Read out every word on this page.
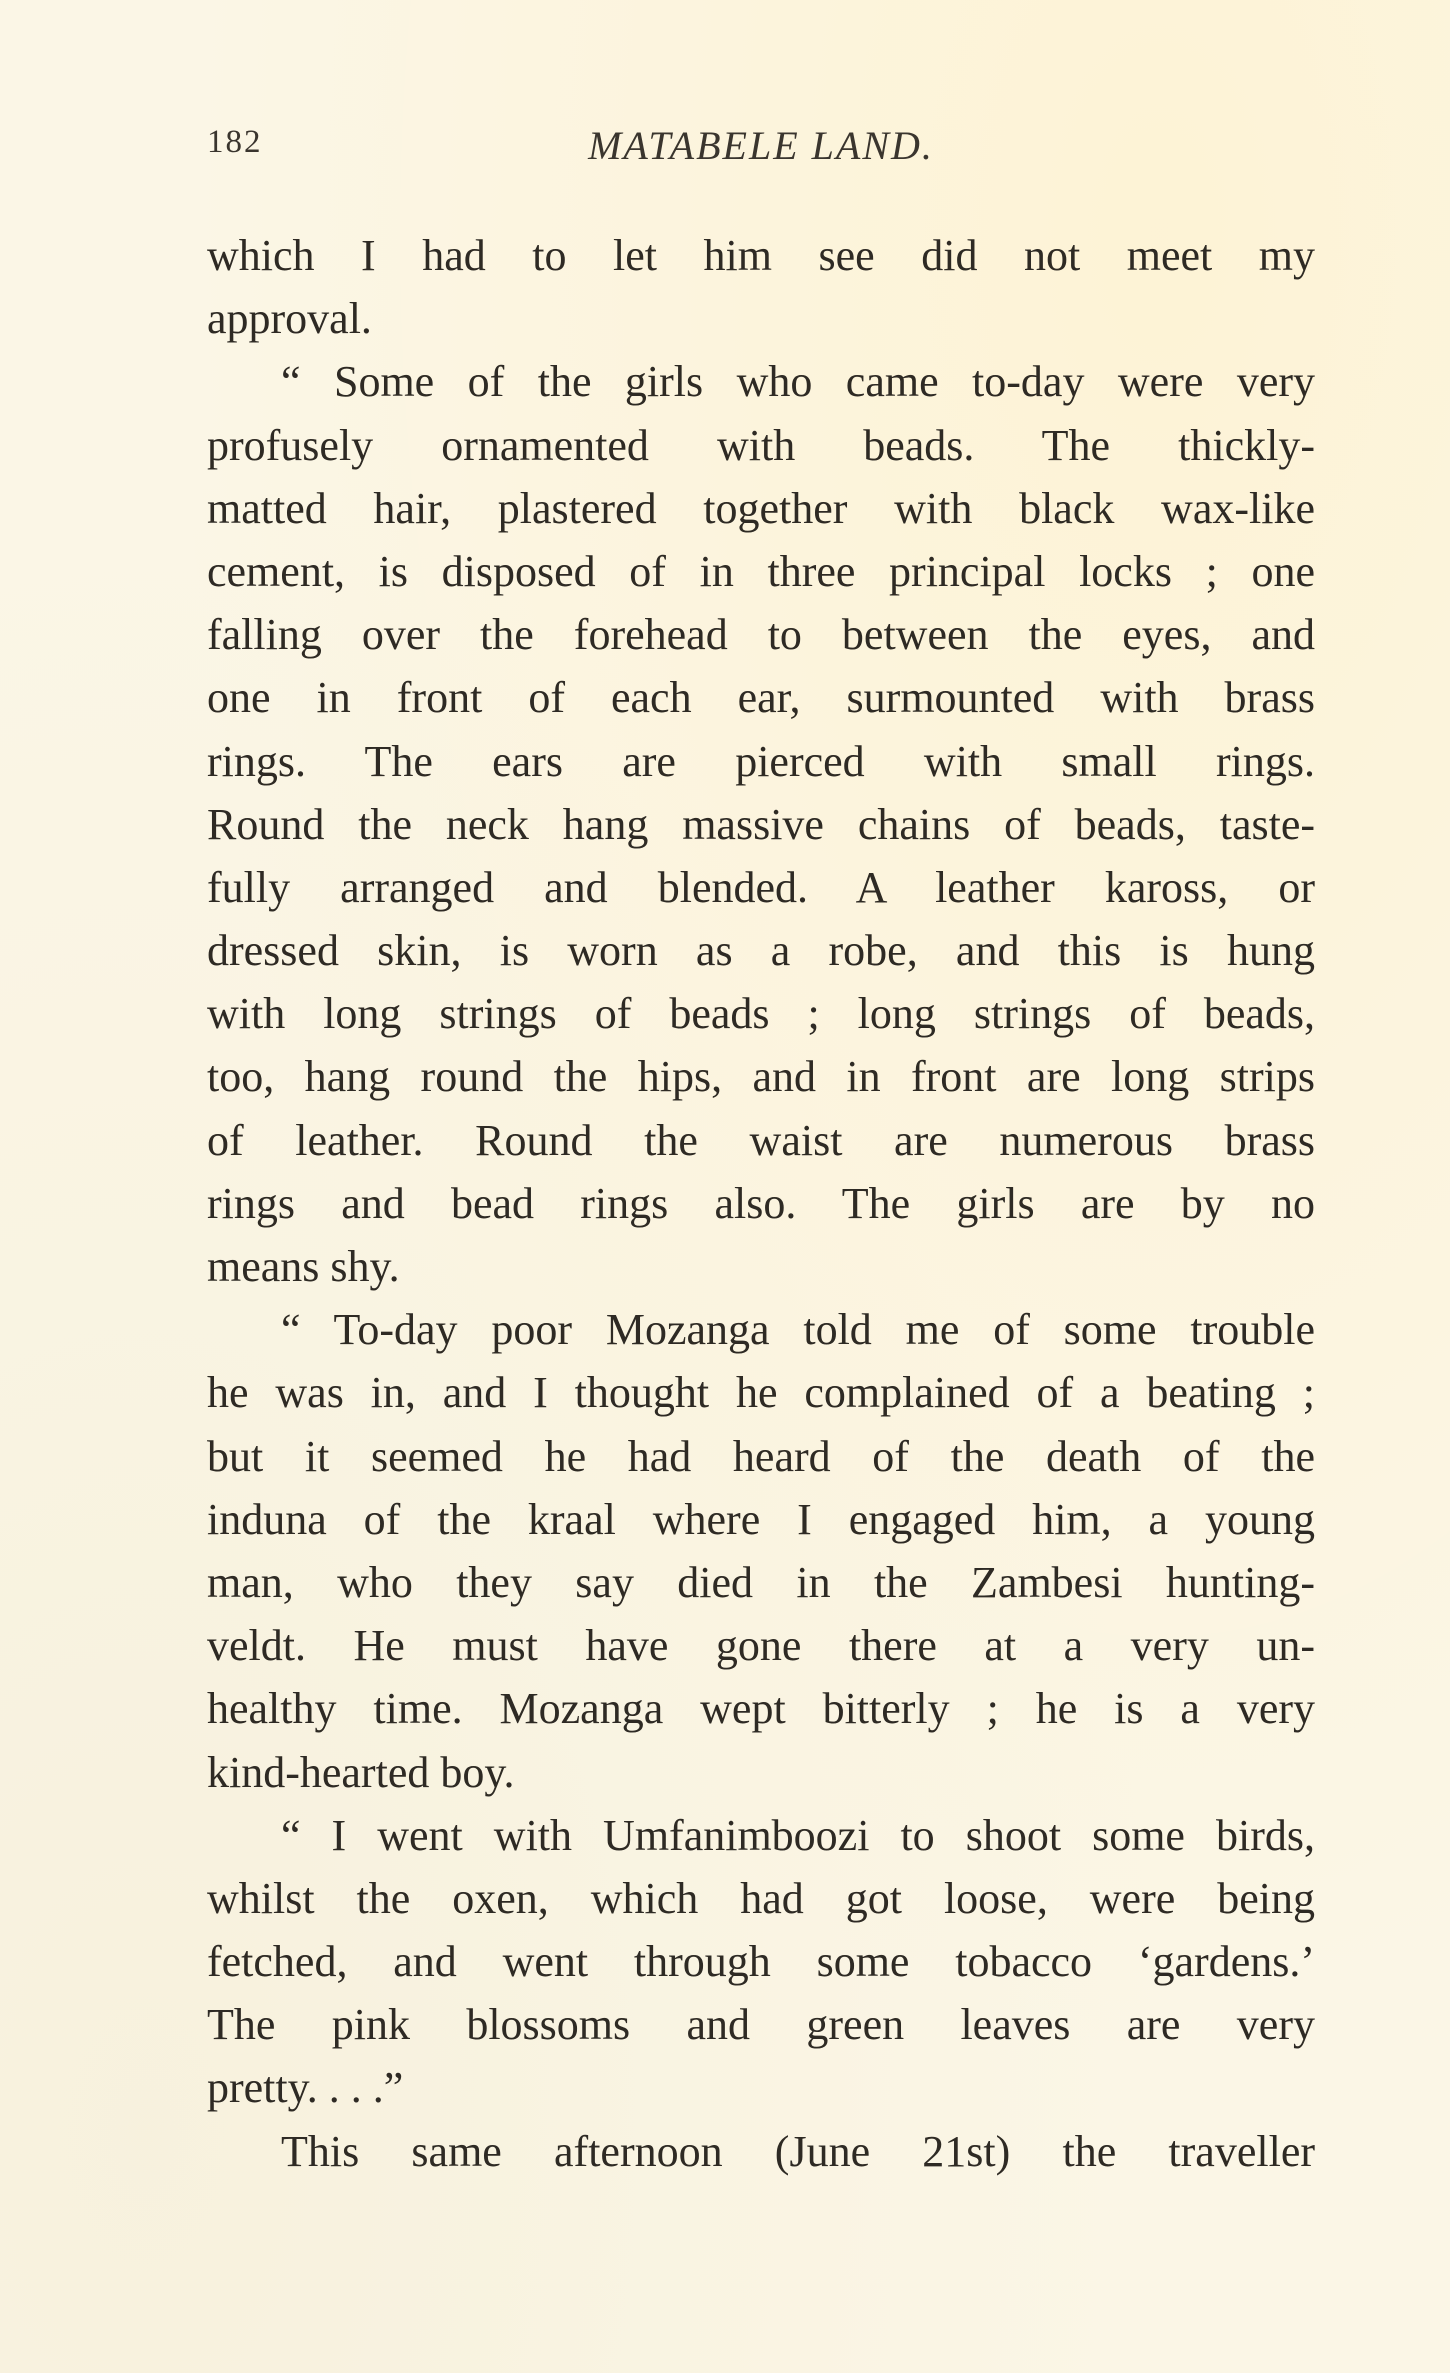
182	MATABELE LAND.
which I had to let him see did not meet my
approval.
“ Some of the girls who came to-day were very
profusely ornamented with beads. The thickly-
matted hair, plastered together with black wax-like
cement, is disposed of in three principal locks ; one
falling over the forehead to between the eyes, and
one in front of each ear, surmounted with brass
rings. The ears are pierced with small rings.
Round the neck hang massive chains of beads, taste-
fully arranged and blended. A leather kaross, or
dressed skin, is worn as a robe, and this is hung
with long strings of beads ; long strings of beads,
too, hang round the hips, and in front are long strips
of leather. Round the waist are numerous brass
rings and bead rings also. The girls are by no
means shy.
“ To-day poor Mozanga told me of some trouble
he was in, and I thought he complained of a beating ;
but it seemed he had heard of the death of the
induna of the kraal where I engaged him, a young
man, who they say died in the Zambesi hunting-
veldt. He must have gone there at a very un-
healthy time. Mozanga wept bitterly ; he is a very
kind-hearted boy.
“ I went with Umfanimboozi to shoot some birds,
whilst the oxen, which had got loose, were being
fetched, and went through some tobacco ‘gardens.’
The pink blossoms and green leaves are very
pretty. . . .”
This same afternoon (June 21st) the traveller
